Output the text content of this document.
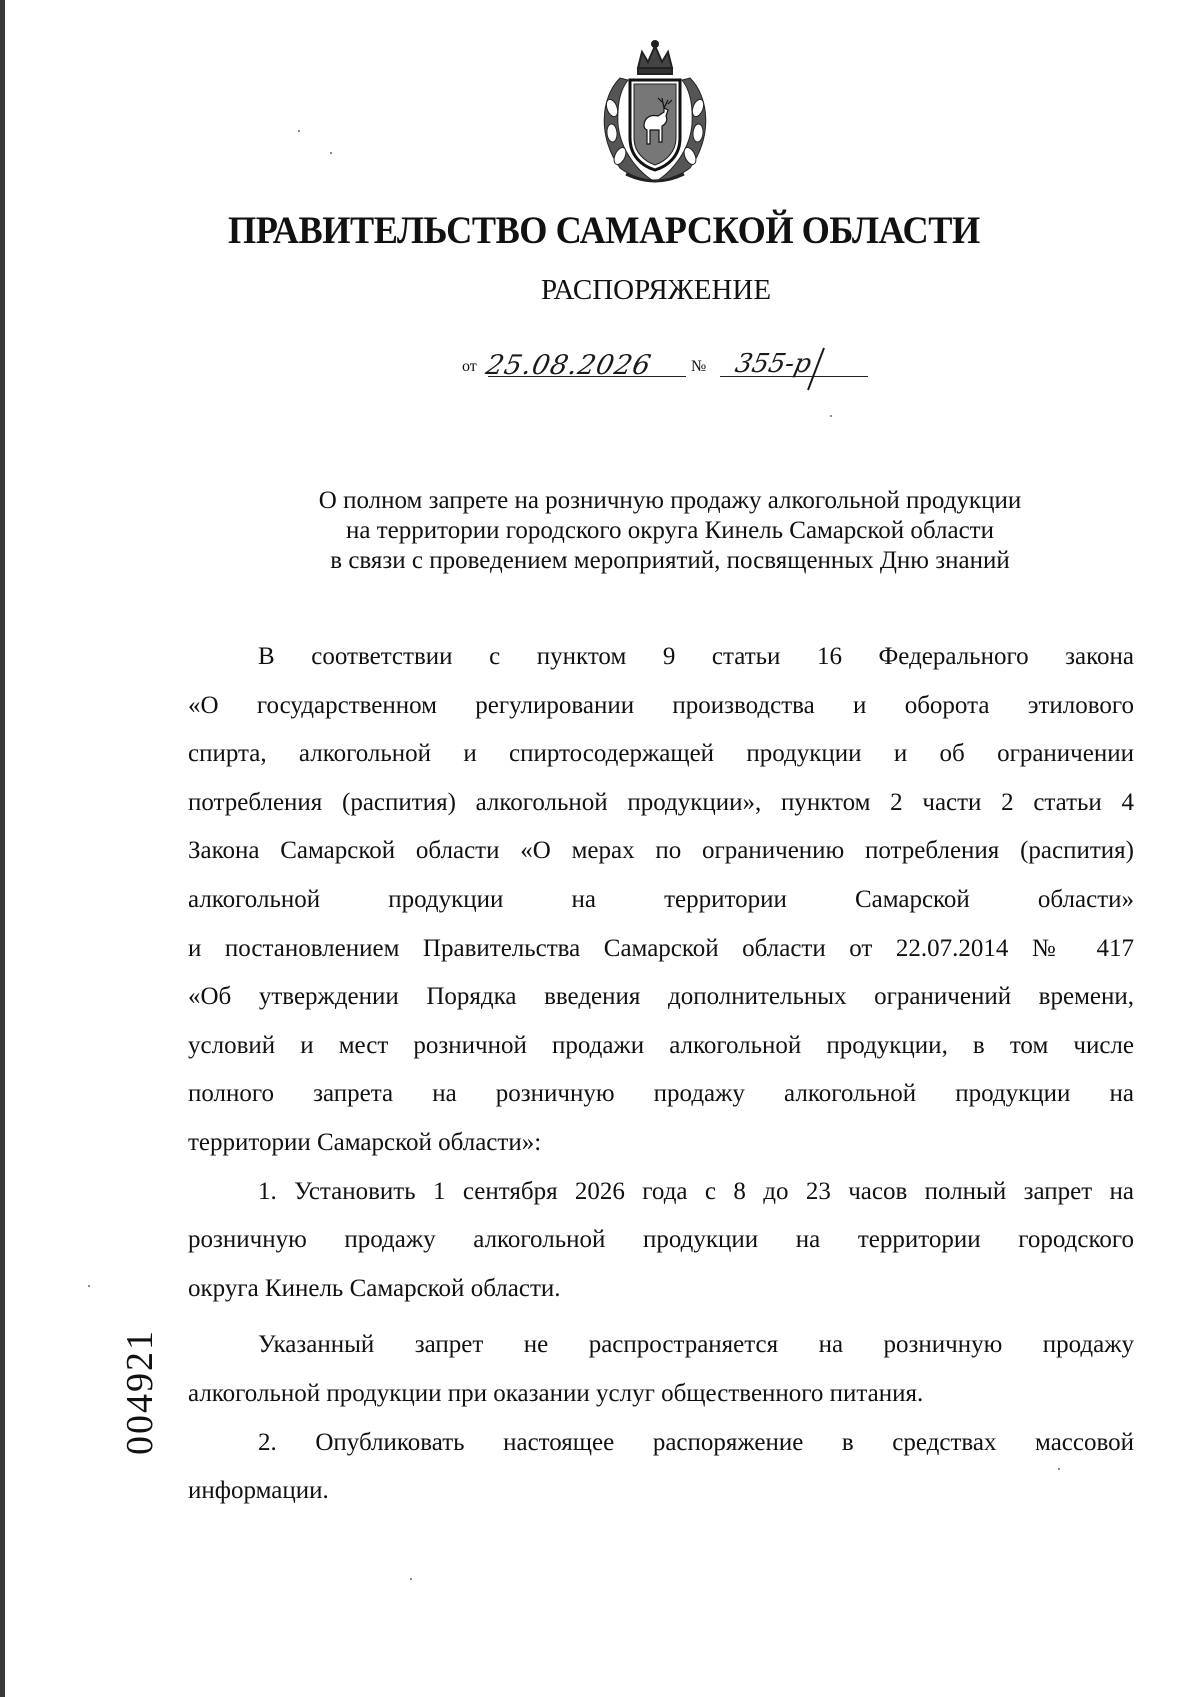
ПРАВИТЕЛЬСТВО САМАРСКОЙ ОБЛАСТИ
РАСПОРЯЖЕНИЕ
от	№
25.08.2026	355-р
О полном запрете на розничную продажу алкогольной продукции
на территории городского округа Кинель Самарской области
в связи с проведением мероприятий, посвященных Дню знаний
В соответствии с пунктом 9 статьи 16 Федерального закона
«О государственном регулировании производства и оборота этилового
спирта, алкогольной и спиртосодержащей продукции и об ограничении
потребления (распития) алкогольной продукции», пунктом 2 части 2 статьи 4
Закона Самарской области «О мерах по ограничению потребления (распития)
алкогольной продукции на территории Самарской области»
и постановлением Правительства Самарской области от 22.07.2014 № 417
«Об утверждении Порядка введения дополнительных ограничений времени,
условий и мест розничной продажи алкогольной продукции, в том числе
полного запрета на розничную продажу алкогольной продукции на
территории Самарской области»:
1. Установить 1 сентября 2026 года с 8 до 23 часов полный запрет на
розничную продажу алкогольной продукции на территории городского
округа Кинель Самарской области.
Указанный запрет не распространяется на розничную продажу
алкогольной продукции при оказании услуг общественного питания.
2. Опубликовать настоящее распоряжение в средствах массовой
информации.
004921
